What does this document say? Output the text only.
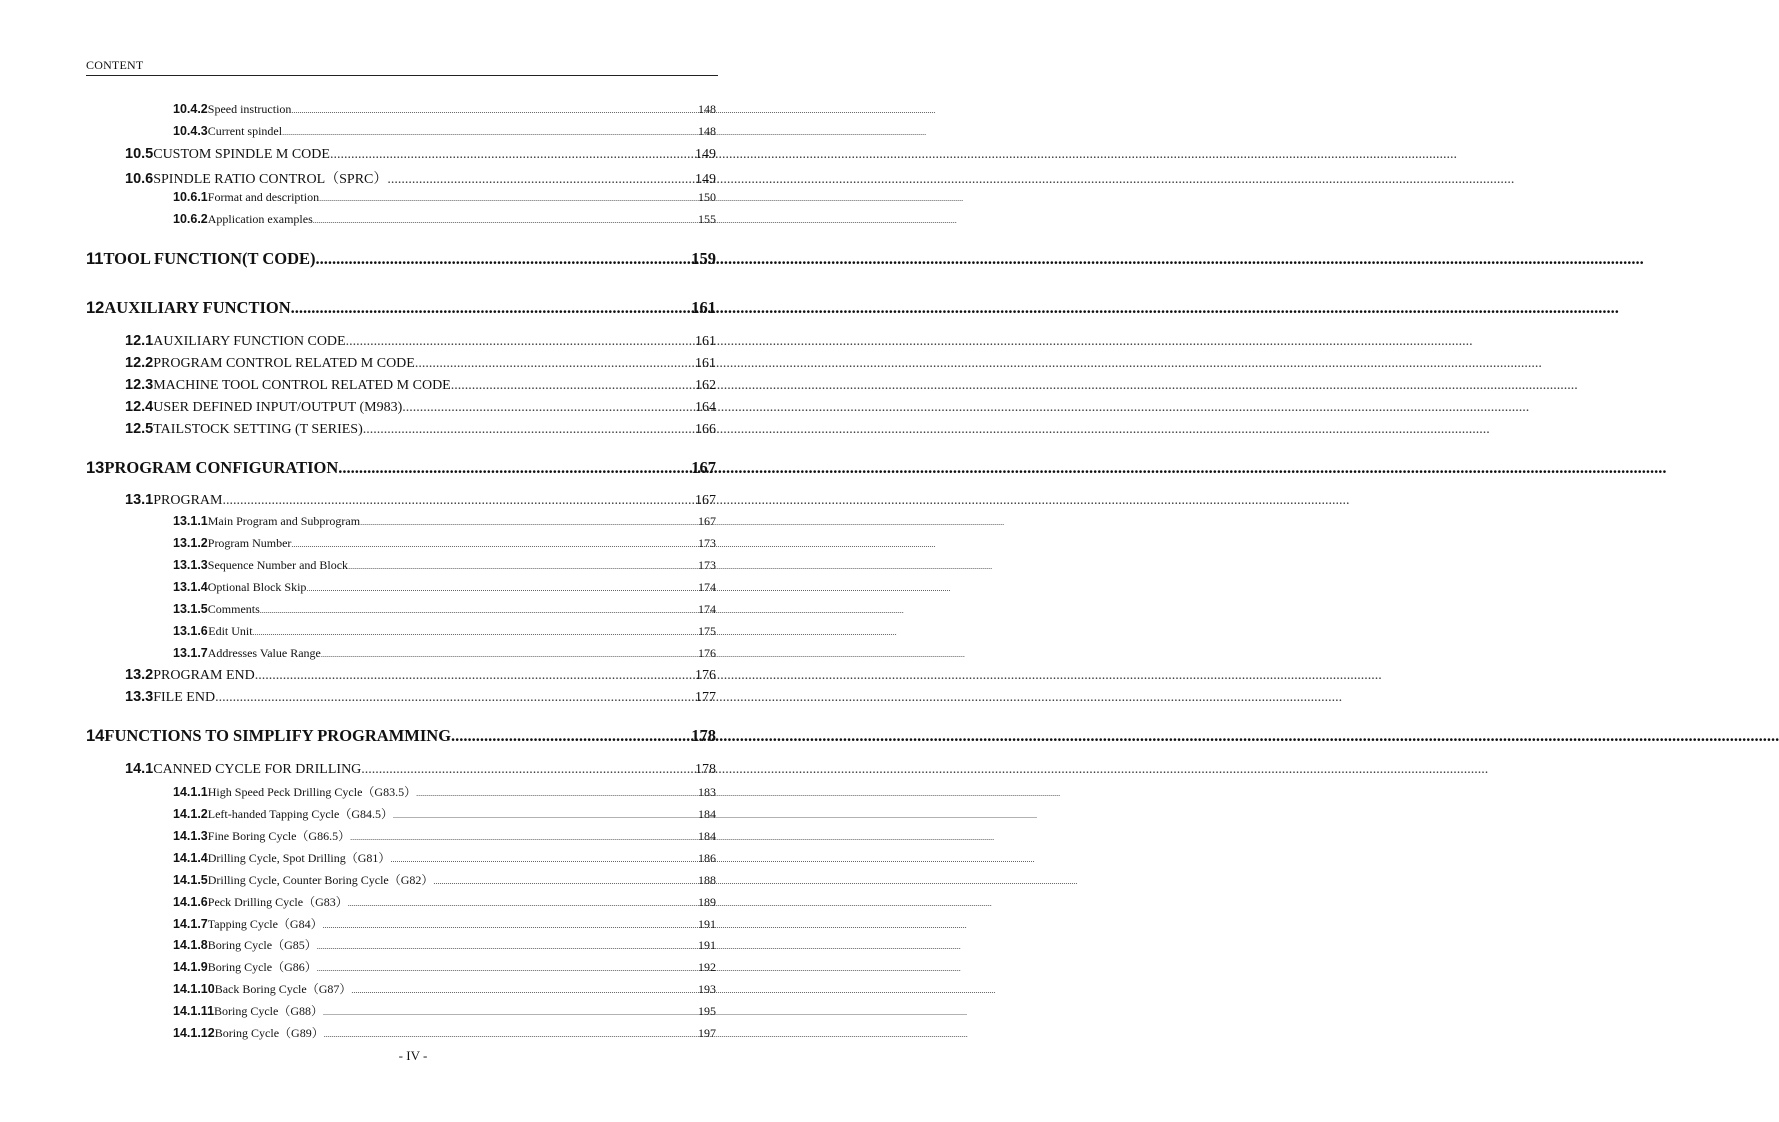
CONTENT
10.4.2 Speed instruction .....	148
10.4.3 Current spindel .....	148
10.5 CUSTOM SPINDLE M CODE .....	149
10.6 SPINDLE RATIO CONTROL（SPRC） .....	149
10.6.1 Format and description .....	150
10.6.2 Application examples .....	155
11 TOOL FUNCTION(T CODE) .....	159
12 AUXILIARY FUNCTION .....	161
12.1 AUXILIARY FUNCTION CODE .....	161
12.2 PROGRAM CONTROL RELATED M CODE .....	161
12.3 MACHINE TOOL CONTROL RELATED M CODE .....	162
12.4 USER DEFINED INPUT/OUTPUT (M983) .....	164
12.5 TAILSTOCK SETTING (T SERIES) .....	166
13 PROGRAM CONFIGURATION .....	167
13.1 PROGRAM .....	167
13.1.1 Main Program and Subprogram .....	167
13.1.2 Program Number .....	173
13.1.3 Sequence Number and Block .....	173
13.1.4 Optional Block Skip .....	174
13.1.5 Comments .....	174
13.1.6 Edit Unit .....	175
13.1.7 Addresses Value Range .....	176
13.2 PROGRAM END .....	176
13.3 FILE END .....	177
14 FUNCTIONS TO SIMPLIFY PROGRAMMING .....	178
14.1 CANNED CYCLE FOR DRILLING .....	178
14.1.1 High Speed Peck Drilling Cycle（G83.5） .....	183
14.1.2 Left-handed Tapping Cycle（G84.5） .....	184
14.1.3 Fine Boring Cycle（G86.5） .....	184
14.1.4 Drilling Cycle, Spot Drilling（G81） .....	186
14.1.5 Drilling Cycle, Counter Boring Cycle（G82） .....	188
14.1.6 Peck Drilling Cycle（G83） .....	189
14.1.7 Tapping Cycle（G84） .....	191
14.1.8 Boring Cycle（G85） .....	191
14.1.9 Boring Cycle（G86） .....	192
14.1.10 Back Boring Cycle（G87） .....	193
14.1.11 Boring Cycle（G88） .....	195
14.1.12 Boring Cycle（G89） .....	197
- IV -
